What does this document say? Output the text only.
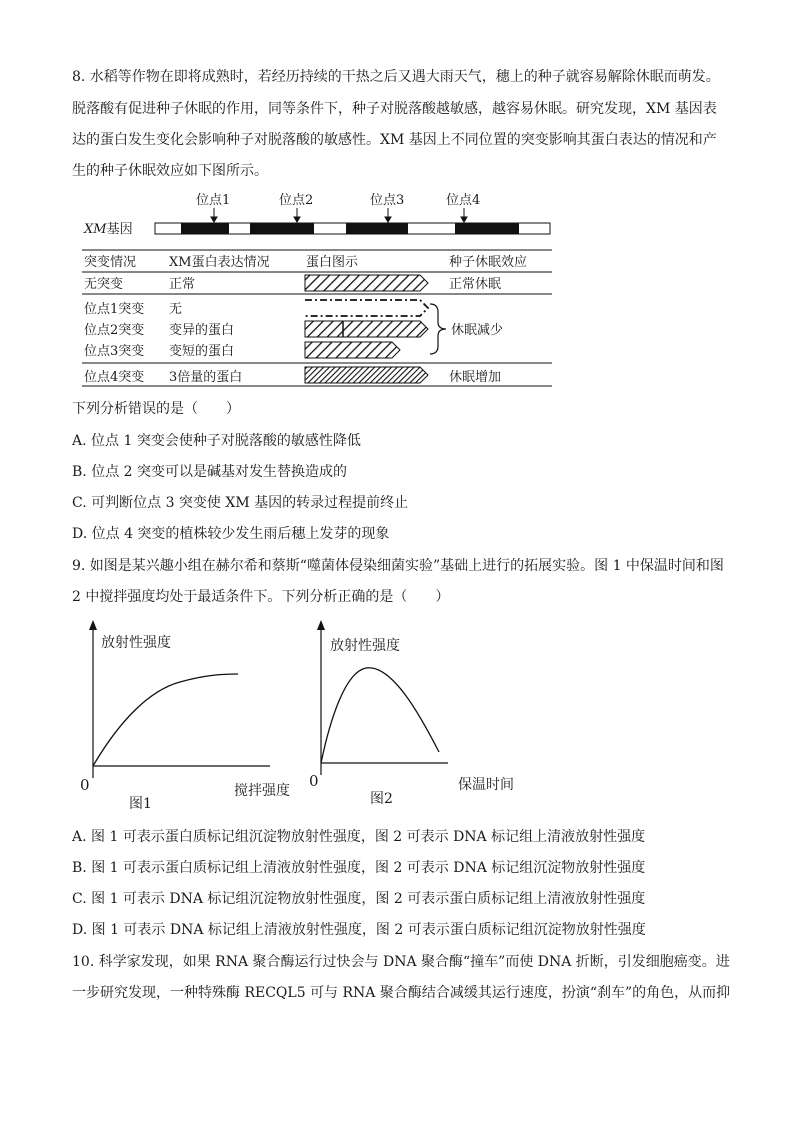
8. 水稻等作物在即将成熟时，若经历持续的干热之后又遇大雨天气，穗上的种子就容易解除休眠而萌发。
脱落酸有促进种子休眠的作用，同等条件下，种子对脱落酸越敏感，越容易休眠。研究发现，XM 基因表
达的蛋白发生变化会影响种子对脱落酸的敏感性。XM 基因上不同位置的突变影响其蛋白表达的情况和产
生的种子休眠效应如下图所示。
位点1	位点2	位点3	位点4
XM基因
突变情况	XM蛋白表达情况	蛋白图示	种子休眠效应
无突变	正常	正常休眠
位点1突变 无
位点2突变 变异的蛋白
位点3突变 变短的蛋白
休眠减少
位点4突变 3倍量的蛋白	休眠增加
下列分析错误的是（　　）
A. 位点 1 突变会使种子对脱落酸的敏感性降低
B. 位点 2 突变可以是碱基对发生替换造成的
C. 可判断位点 3 突变使 XM 基因的转录过程提前终止
D. 位点 4 突变的植株较少发生雨后穗上发芽的现象
9. 如图是某兴趣小组在赫尔希和蔡斯“噬菌体侵染细菌实验”基础上进行的拓展实验。图 1 中保温时间和图
2 中搅拌强度均处于最适条件下。下列分析正确的是（　　）
放射性强度
0	搅拌强度
图1
放射性强度
0	保温时间
图2
A. 图 1 可表示蛋白质标记组沉淀物放射性强度，图 2 可表示 DNA 标记组上清液放射性强度
B. 图 1 可表示蛋白质标记组上清液放射性强度，图 2 可表示 DNA 标记组沉淀物放射性强度
C. 图 1 可表示 DNA 标记组沉淀物放射性强度，图 2 可表示蛋白质标记组上清液放射性强度
D. 图 1 可表示 DNA 标记组上清液放射性强度，图 2 可表示蛋白质标记组沉淀物放射性强度
10. 科学家发现，如果 RNA 聚合酶运行过快会与 DNA 聚合酶“撞车”而使 DNA 折断，引发细胞癌变。进
一步研究发现，一种特殊酶 RECQL5 可与 RNA 聚合酶结合减缓其运行速度，扮演“刹车”的角色，从而抑
